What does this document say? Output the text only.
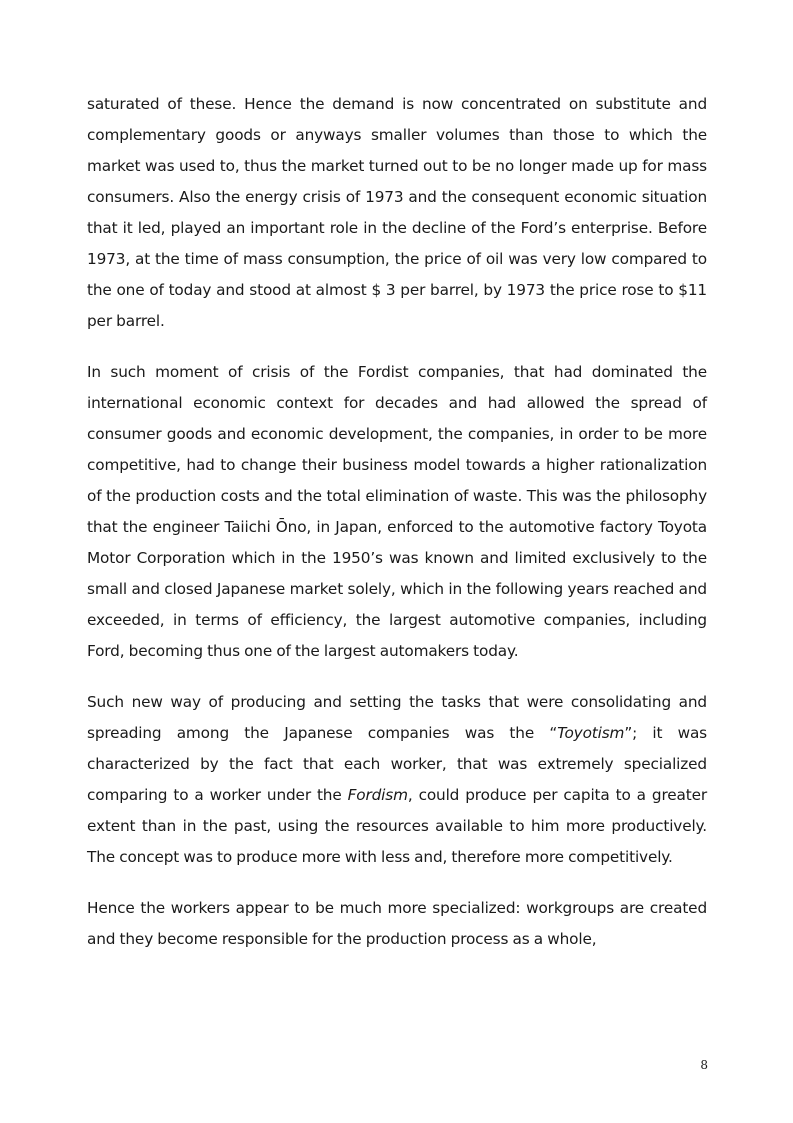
saturated of these. Hence the demand is now concentrated on substitute and complementary goods or anyways smaller volumes than those to which the market was used to, thus the market turned out to be no longer made up for mass consumers. Also the energy crisis of 1973 and the consequent economic situation that it led, played an important role in the decline of the Ford’s enterprise. Before 1973, at the time of mass consumption, the price of oil was very low compared to the one of today and stood at almost $ 3 per barrel, by 1973 the price rose to $11 per barrel.

In such moment of crisis of the Fordist companies, that had dominated the international economic context for decades and had allowed the spread of consumer goods and economic development, the companies, in order to be more competitive, had to change their business model towards a higher rationalization of the production costs and the total elimination of waste. This was the philosophy that the engineer Taiichi Ōno, in Japan, enforced to the automotive factory Toyota Motor Corporation which in the 1950’s was known and limited exclusively to the small and closed Japanese market solely, which in the following years reached and exceeded, in terms of efficiency, the largest automotive companies, including Ford, becoming thus one of the largest automakers today.

Such new way of producing and setting the tasks that were consolidating and spreading among the Japanese companies was the “Toyotism”; it was characterized by the fact that each worker, that was extremely specialized comparing to a worker under the Fordism, could produce per capita to a greater extent than in the past, using the resources available to him more productively. The concept was to produce more with less and, therefore more competitively.

Hence the workers appear to be much more specialized: workgroups are created and they become responsible for the production process as a whole,

8
